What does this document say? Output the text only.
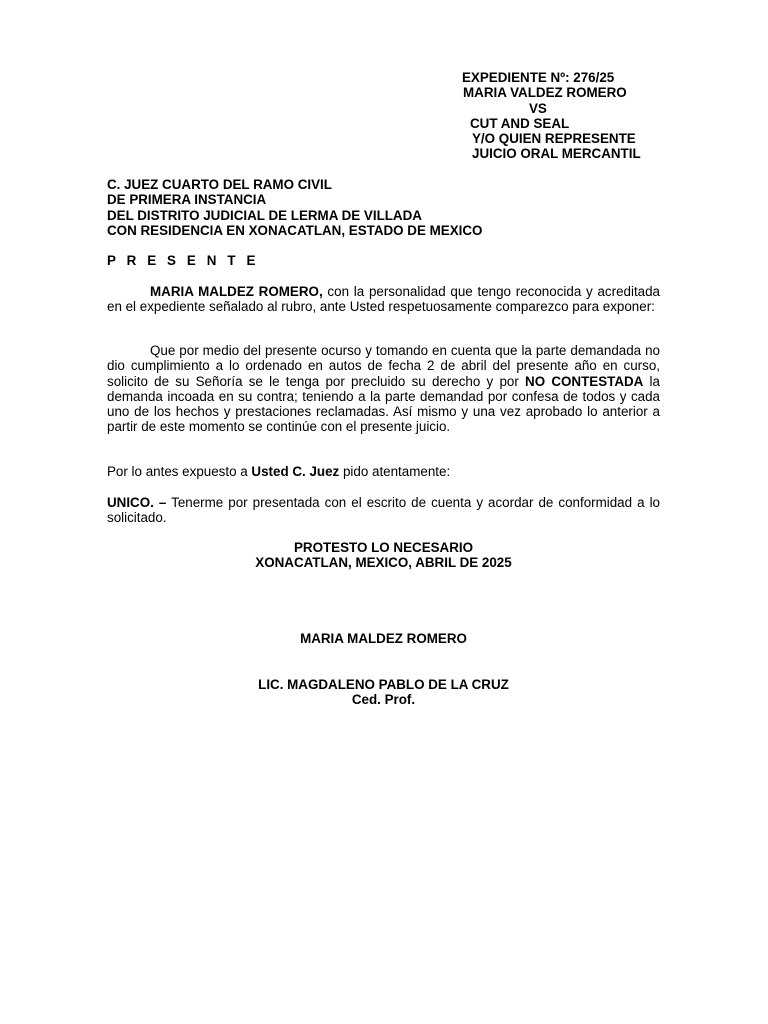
EXPEDIENTE Nº: 276/25
MARIA VALDEZ ROMERO
VS
CUT AND SEAL
Y/O QUIEN REPRESENTE
JUICIO ORAL MERCANTIL
C. JUEZ CUARTO DEL RAMO CIVIL
DE PRIMERA INSTANCIA
DEL DISTRITO JUDICIAL DE LERMA DE VILLADA
CON RESIDENCIA EN XONACATLAN, ESTADO DE MEXICO
P R E S E N T E

MARIA MALDEZ ROMERO, con la personalidad que tengo reconocida y acreditada en el expediente señalado al rubro, ante Usted respetuosamente comparezco para exponer:

Que por medio del presente ocurso y tomando en cuenta que la parte demandada no dio cumplimiento a lo ordenado en autos de fecha 2 de abril del presente año en curso, solicito de su Señoría se le tenga por precluido su derecho y por NO CONTESTADA la demanda incoada en su contra; teniendo a la parte demandad por confesa de todos y cada uno de los hechos y prestaciones reclamadas. Así mismo y una vez aprobado lo anterior a partir de este momento se continúe con el presente juicio.

Por lo antes expuesto a Usted C. Juez pido atentamente:

UNICO. – Tenerme por presentada con el escrito de cuenta y acordar de conformidad a lo solicitado.

PROTESTO LO NECESARIO
XONACATLAN, MEXICO, ABRIL DE 2025
MARIA MALDEZ ROMERO
LIC. MAGDALENO PABLO DE LA CRUZ
Ced. Prof.
